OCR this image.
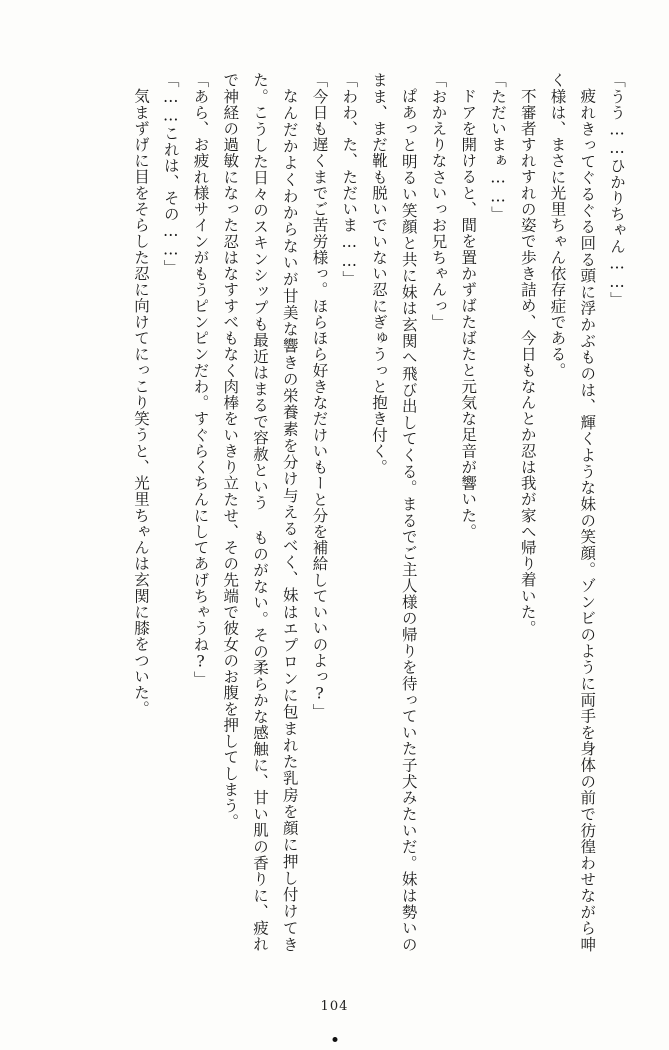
「うう……ひかりちゃん……」

疲れきってぐるぐる回る頭に浮かぶものは、輝くような妹の笑顔。ゾンビのように両手を身体の前で彷徨わせながら呻く様は、まさに光里ちゃん依存症である。

不審者すれすれの姿で歩き詰め、今日もなんとか忍は我が家へ帰り着いた。

「ただいまぁ……」

ドアを開けると、間を置かずばたばたと元気な足音が響いた。

「おかえりなさいっお兄ちゃんっ」

ぱあっと明るい笑顔と共に妹は玄関へ飛び出してくる。まるでご主人様の帰りを待っていた子犬みたいだ。妹は勢いのまま、まだ靴も脱いでいない忍にぎゅうっと抱き付く。

「わわ、た、ただいま……」

「今日も遅くまでご苦労様っ。ほらほら好きなだけいもーと分を補給していいのよっ?」

なんだかよくわからないが甘美な響きの栄養素を分け与えるべく、妹はエプロンに包まれた乳房を顔に押し付けてきた。こうした日々のスキンシップも最近はまるで容赦という ものがない。その柔らかな感触に、甘い肌の香りに、疲れで神経の過敏になった忍はなすすべもなく肉棒をいきり立たせ、その先端で彼女のお腹を押してしまう。

「あら、お疲れ様サインがもうピンピンだわ。すぐらくちんにしてあげちゃうね?」

「……これは、その……」

気まずげに目をそらした忍に向けてにっこり笑うと、光里ちゃんは玄関に膝をついた。

104
